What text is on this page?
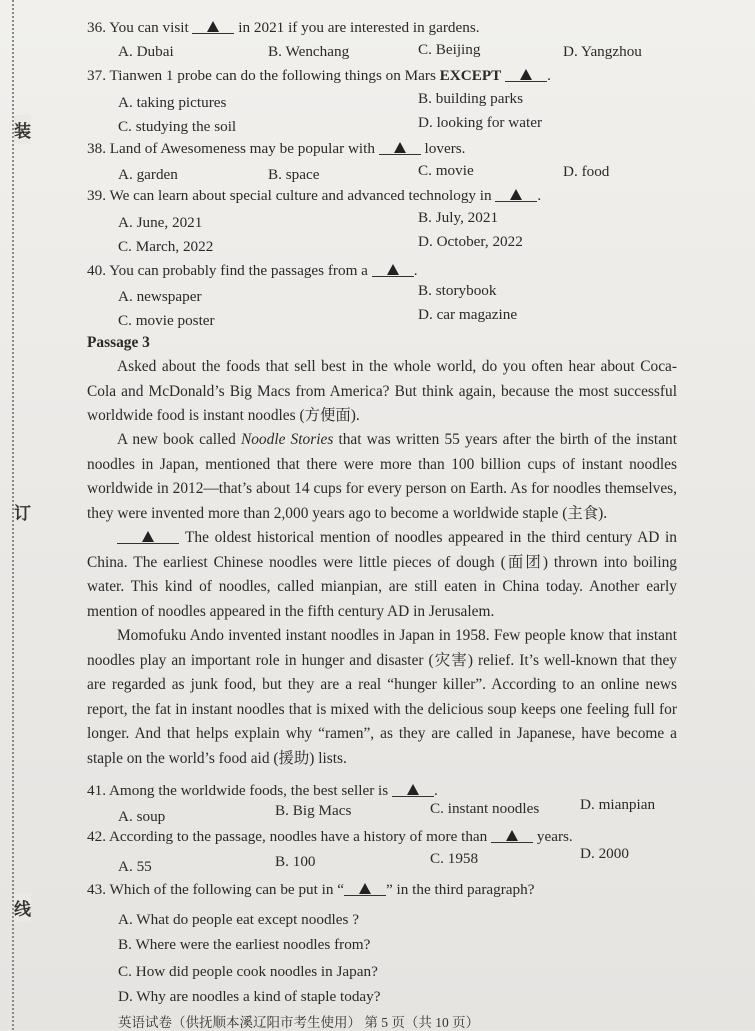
装
订
线
36. You can visit	in 2021 if you are interested in gardens.
A. Dubai	B. Wenchang	C. Beijing	D. Yangzhou
37. Tianwen 1 probe can do the following things on Mars EXCEPT	.
A. taking pictures	B. building parks
C. studying the soil	D. looking for water
38. Land of Awesomeness may be popular with	lovers.
A. garden	B. space	C. movie	D. food
39. We can learn about special culture and advanced technology in	.
A. June, 2021	B. July, 2021
C. March, 2022	D. October, 2022
40. You can probably find the passages from a	.
A. newspaper	B. storybook
C. movie poster	D. car magazine
Passage 3
Asked about the foods that sell best in the whole world, do you often hear about Coca-Cola and McDonald’s Big Macs from America? But think again, because the most successful worldwide food is instant noodles (方便面).
A new book called Noodle Stories that was written 55 years after the birth of the instant noodles in Japan, mentioned that there were more than 100 billion cups of instant noodles worldwide in 2012—that’s about 14 cups for every person on Earth. As for noodles themselves, they were invented more than 2,000 years ago to become a worldwide staple (主食).
The oldest historical mention of noodles appeared in the third century AD in China. The earliest Chinese noodles were little pieces of dough (面团) thrown into boiling water. This kind of noodles, called mianpian, are still eaten in China today. Another early mention of noodles appeared in the fifth century AD in Jerusalem.
Momofuku Ando invented instant noodles in Japan in 1958. Few people know that instant noodles play an important role in hunger and disaster (灾害) relief. It’s well-known that they are regarded as junk food, but they are a real “hunger killer”. According to an online news report, the fat in instant noodles that is mixed with the delicious soup keeps one feeling full for longer. And that helps explain why “ramen”, as they are called in Japanese, have become a staple on the world’s food aid (援助) lists.
41. Among the worldwide foods, the best seller is	.
A. soup	B. Big Macs	C. instant noodles	D. mianpian
42. According to the passage, noodles have a history of more than	years.
A. 55	B. 100	C. 1958	D. 2000
43. Which of the following can be put in “	” in the third paragraph?
A. What do people eat except noodles ?
B. Where were the earliest noodles from?
C. How did people cook noodles in Japan?
D. Why are noodles a kind of staple today?
英语试卷（供抚顺本溪辽阳市考生使用） 第 5 页（共 10 页）
